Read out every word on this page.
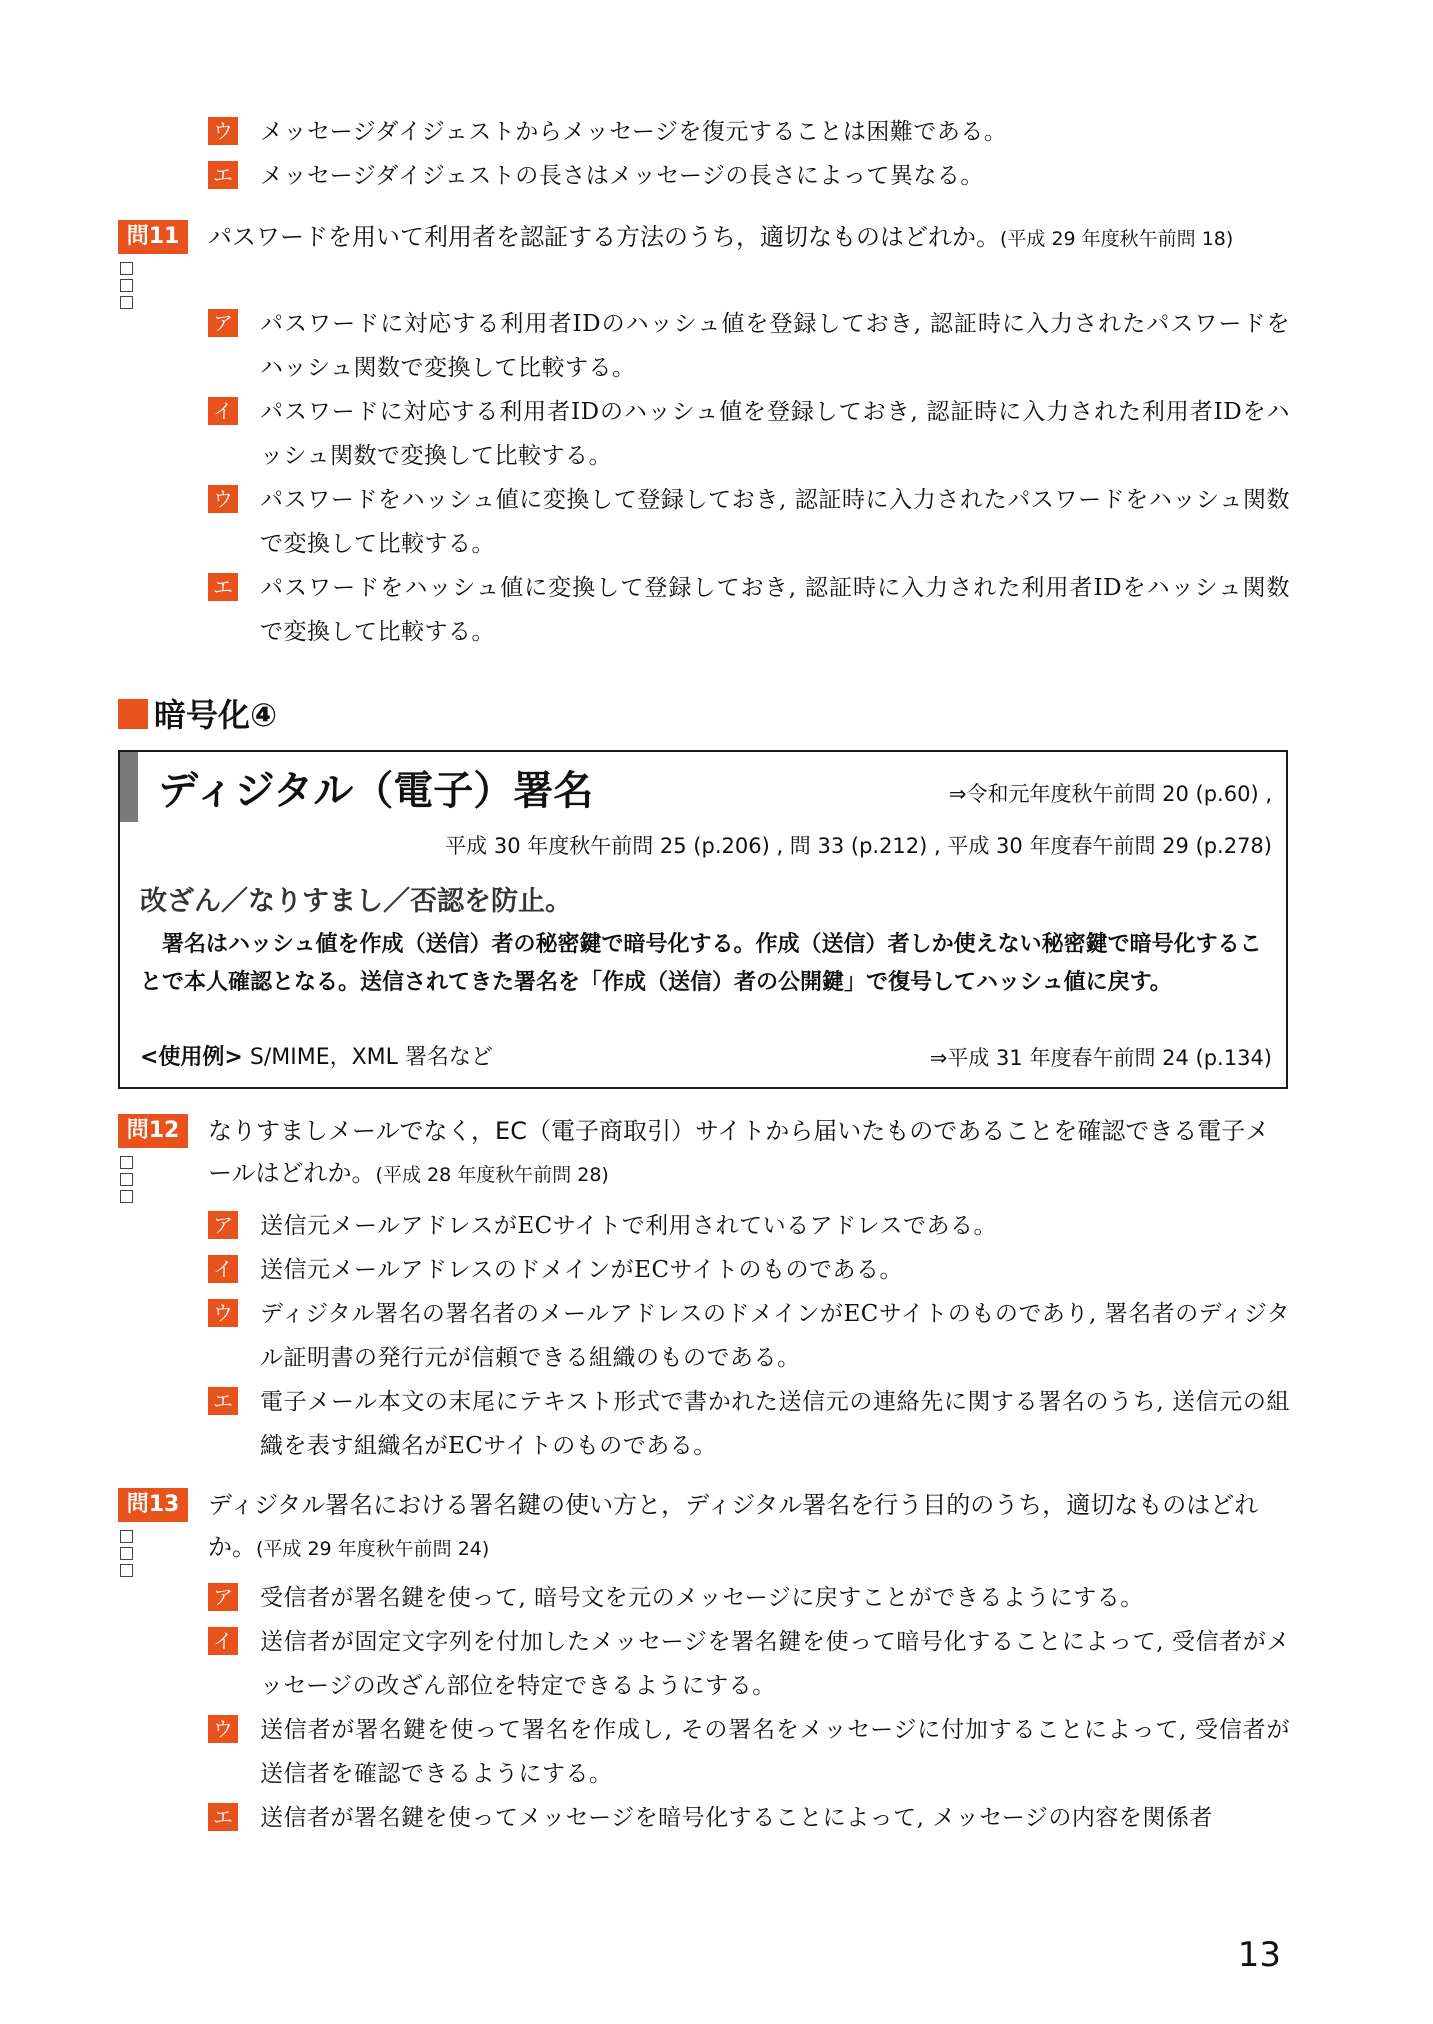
ウ メッセージダイジェストからメッセージを復元することは困難である。
エ メッセージダイジェストの長さはメッセージの長さによって異なる。
問11	パスワードを用いて利用者を認証する方法のうち，適切なものはどれか。(平成 29 年度秋午前問 18)
ア パスワードに対応する利用者IDのハッシュ値を登録しておき, 認証時に入力されたパスワードをハッシュ関数で変換して比較する。
イ パスワードに対応する利用者IDのハッシュ値を登録しておき, 認証時に入力された利用者IDをハッシュ関数で変換して比較する。
ウ パスワードをハッシュ値に変換して登録しておき, 認証時に入力されたパスワードをハッシュ関数で変換して比較する。
エ パスワードをハッシュ値に変換して登録しておき, 認証時に入力された利用者IDをハッシュ関数で変換して比較する。
暗号化④
ディジタル（電子）署名	⇒令和元年度秋午前問 20 (p.60) ,
平成 30 年度秋午前問 25 (p.206) , 問 33 (p.212) , 平成 30 年度春午前問 29 (p.278)
改ざん／なりすまし／否認を防止。
署名はハッシュ値を作成（送信）者の秘密鍵で暗号化する。作成（送信）者しか使えない秘密鍵で暗号化することで本人確認となる。送信されてきた署名を「作成（送信）者の公開鍵」で復号してハッシュ値に戻す。
<使用例> S/MIME，XML 署名など	⇒平成 31 年度春午前問 24 (p.134)
問12	なりすましメールでなく，EC（電子商取引）サイトから届いたものであることを確認できる電子メールはどれか。(平成 28 年度秋午前問 28)
ア 送信元メールアドレスがECサイトで利用されているアドレスである。
イ 送信元メールアドレスのドメインがECサイトのものである。
ウ ディジタル署名の署名者のメールアドレスのドメインがECサイトのものであり, 署名者のディジタル証明書の発行元が信頼できる組織のものである。
エ 電子メール本文の末尾にテキスト形式で書かれた送信元の連絡先に関する署名のうち, 送信元の組織を表す組織名がECサイトのものである。
問13	ディジタル署名における署名鍵の使い方と，ディジタル署名を行う目的のうち，適切なものはどれか。(平成 29 年度秋午前問 24)
ア 受信者が署名鍵を使って, 暗号文を元のメッセージに戻すことができるようにする。
イ 送信者が固定文字列を付加したメッセージを署名鍵を使って暗号化することによって, 受信者がメッセージの改ざん部位を特定できるようにする。
ウ 送信者が署名鍵を使って署名を作成し, その署名をメッセージに付加することによって, 受信者が送信者を確認できるようにする。
エ 送信者が署名鍵を使ってメッセージを暗号化することによって, メッセージの内容を関係者
13
